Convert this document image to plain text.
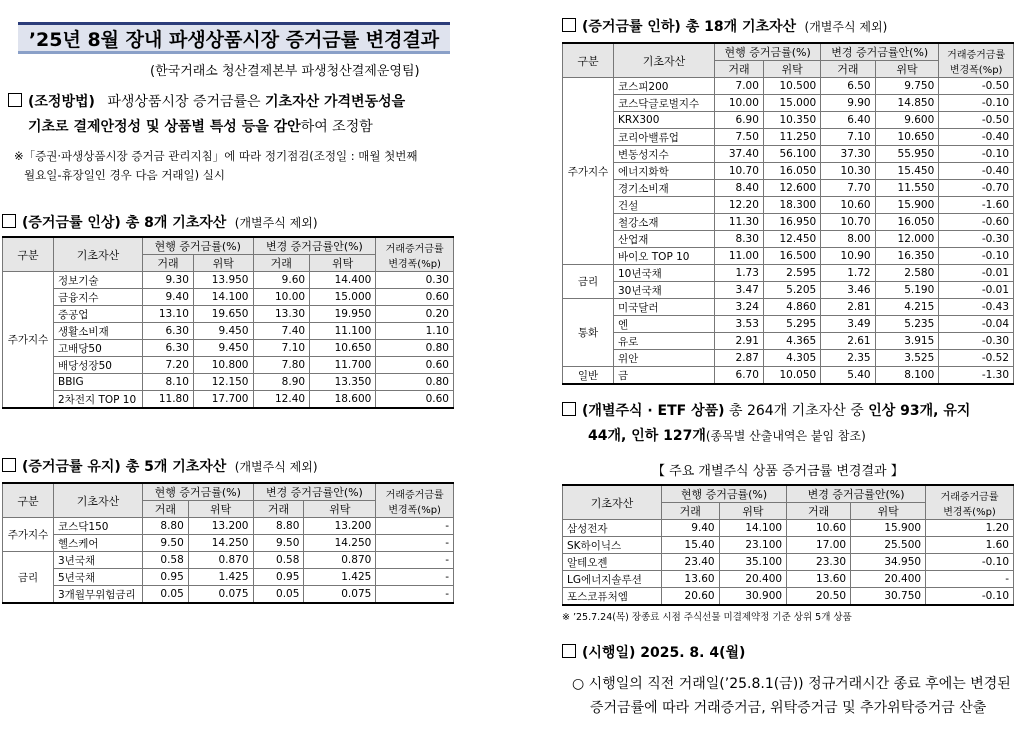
’25년 8월 장내 파생상품시장 증거금률 변경결과
(한국거래소 청산결제본부 파생청산결제운영팀)
(조정방법) 파생상품시장 증거금률은 기초자산 가격변동성을
기초로 결제안정성 및 상품별 특성 등을 감안하여 조정함
※「증권·파생상품시장 증거금 관리지침」에 따라 정기점검(조정일 : 매월 첫번째
월요일-휴장일인 경우 다음 거래일) 실시
(증거금률 인상) 총 8개 기초자산 (개별주식 제외)
구분	기초자산	현행 증거금률(%)		변경 증거금률안(%)		거래증거금률
변경폭(%p)
		거래	위탁	거래	위탁	
주가지수	정보기술	9.30	13.950	9.60	14.400	0.30
	금융지수	9.40	14.100	10.00	15.000	0.60
	중공업	13.10	19.650	13.30	19.950	0.20
	생활소비재	6.30	9.450	7.40	11.100	1.10
	고배당50	6.30	9.450	7.10	10.650	0.80
	배당성장50	7.20	10.800	7.80	11.700	0.60
	BBIG	8.10	12.150	8.90	13.350	0.80
	2차전지 TOP 10	11.80	17.700	12.40	18.600	0.60
(증거금률 유지) 총 5개 기초자산 (개별주식 제외)
구분	기초자산	현행 증거금률(%)		변경 증거금률안(%)		거래증거금률
변경폭(%p)
		거래	위탁	거래	위탁	
주가지수	코스닥150	8.80	13.200	8.80	13.200	-
	헬스케어	9.50	14.250	9.50	14.250	-
금리	3년국채	0.58	0.870	0.58	0.870	-
	5년국채	0.95	1.425	0.95	1.425	-
	3개월무위험금리	0.05	0.075	0.05	0.075	-
(증거금률 인하) 총 18개 기초자산 (개별주식 제외)
구분	기초자산	현행 증거금률(%)		변경 증거금률안(%)		거래증거금률
변경폭(%p)
		거래	위탁	거래	위탁	
주가지수	코스피200	7.00	10.500	6.50	9.750	-0.50
	코스닥글로벌지수	10.00	15.000	9.90	14.850	-0.10
	KRX300	6.90	10.350	6.40	9.600	-0.50
	코리아밸류업	7.50	11.250	7.10	10.650	-0.40
	변동성지수	37.40	56.100	37.30	55.950	-0.10
	에너지화학	10.70	16.050	10.30	15.450	-0.40
	경기소비재	8.40	12.600	7.70	11.550	-0.70
	건설	12.20	18.300	10.60	15.900	-1.60
	철강소재	11.30	16.950	10.70	16.050	-0.60
	산업재	8.30	12.450	8.00	12.000	-0.30
	바이오 TOP 10	11.00	16.500	10.90	16.350	-0.10
금리	10년국채	1.73	2.595	1.72	2.580	-0.01
	30년국채	3.47	5.205	3.46	5.190	-0.01
통화	미국달러	3.24	4.860	2.81	4.215	-0.43
	엔	3.53	5.295	3.49	5.235	-0.04
	유로	2.91	4.365	2.61	3.915	-0.30
	위안	2.87	4.305	2.35	3.525	-0.52
일반	금	6.70	10.050	5.40	8.100	-1.30
(개별주식 · ETF 상품) 총 264개 기초자산 중 인상 93개, 유지
44개, 인하 127개(종목별 산출내역은 붙임 참조)
【 주요 개별주식 상품 증거금률 변경결과 】
기초자산	현행 증거금률(%)		변경 증거금률안(%)		거래증거금률
변경폭(%p)
	거래	위탁	거래	위탁	
삼성전자	9.40	14.100	10.60	15.900	1.20
SK하이닉스	15.40	23.100	17.00	25.500	1.60
알테오젠	23.40	35.100	23.30	34.950	-0.10
LG에너지솔루션	13.60	20.400	13.60	20.400	-
포스코퓨처엠	20.60	30.900	20.50	30.750	-0.10
※ ’25.7.24(목) 장종료 시점 주식선물 미결제약정 기준 상위 5개 상품
(시행일) 2025. 8. 4(월)
○ 시행일의 직전 거래일(’25.8.1(금)) 정규거래시간 종료 후에는 변경된
증거금률에 따라 거래증거금, 위탁증거금 및 추가위탁증거금 산출
